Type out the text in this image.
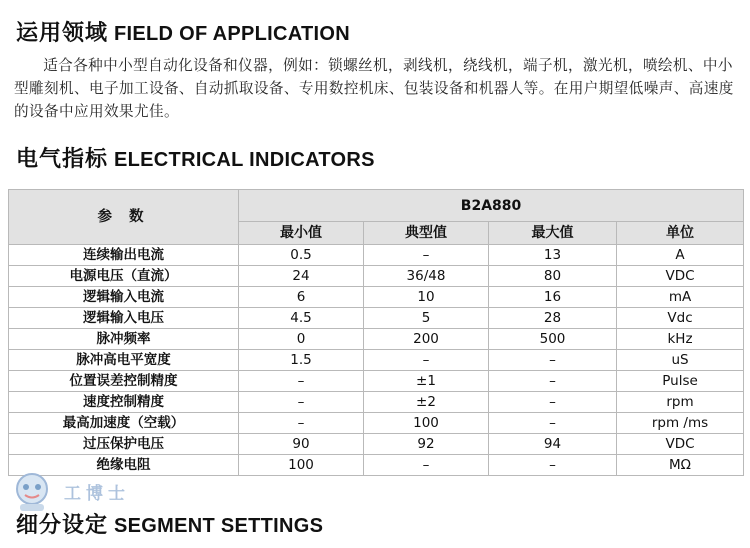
运用领域 FIELD OF APPLICATION

适合各种中小型自动化设备和仪器，例如：锁螺丝机，剥线机，绕线机，端子机，激光机，喷绘机、中小型雕刻机、电子加工设备、自动抓取设备、专用数控机床、包装设备和机器人等。在用户期望低噪声、高速度的设备中应用效果尤佳。

电气指标 ELECTRICAL INDICATORS
参 数	B2A880			
	最小值	典型值	最大值	单位
连续输出电流	0.5	–	13	A
电源电压（直流）	24	36/48	80	VDC
逻辑输入电流	6	10	16	mA
逻辑输入电压	4.5	5	28	Vdc
脉冲频率	0	200	500	kHz
脉冲高电平宽度	1.5	–	–	uS
位置误差控制精度	–	±1	–	Pulse
速度控制精度	–	±2	–	rpm
最高加速度（空载）	–	100	–	rpm /ms
过压保护电压	90	92	94	VDC
绝缘电阻	100	–	–	MΩ
工博士
细分设定 SEGMENT SETTINGS
